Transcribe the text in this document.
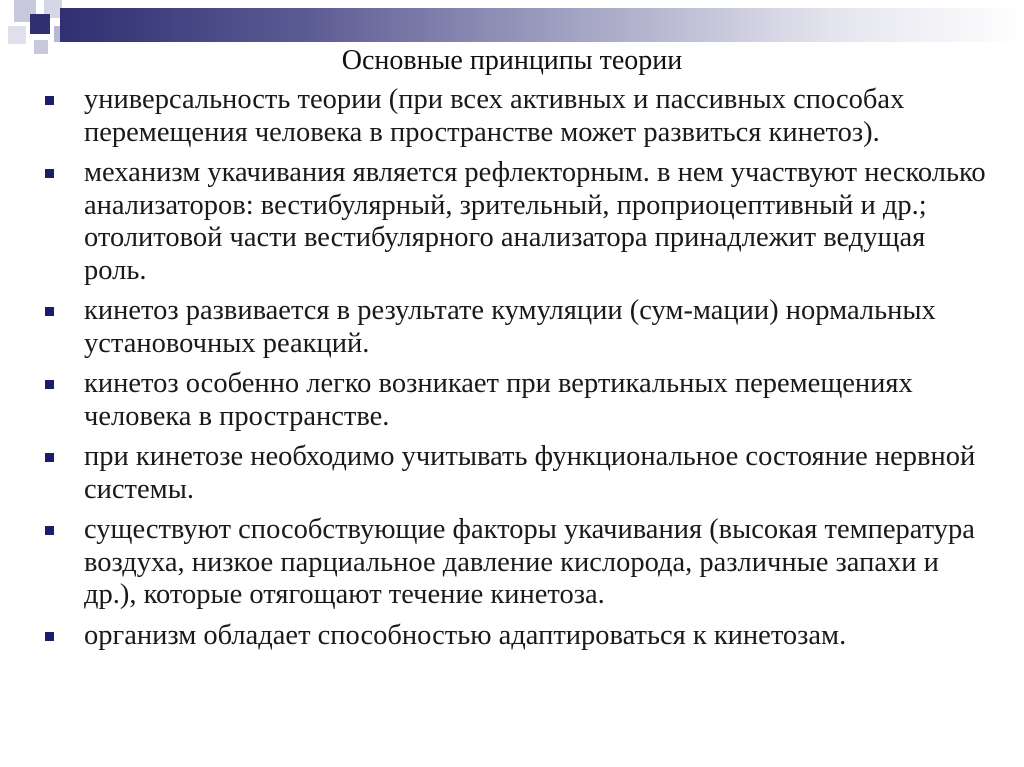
Основные принципы теории
универсальность теории (при всех активных и пассивных способах перемещения человека в пространстве может развиться кинетоз).
механизм укачивания является рефлекторным. в нем участвуют несколько анализаторов: вестибулярный, зрительный, проприоцептивный и др.; отолитовой части вестибулярного анализатора принадлежит ведущая роль.
кинетоз развивается в результате кумуляции (сум-мации) нормальных установочных реакций.
кинетоз особенно легко возникает при вертикальных перемещениях человека в пространстве.
при кинетозе необходимо учитывать функциональное состояние нервной системы.
существуют способствующие факторы укачивания (высокая температура воздуха, низкое парциальное давление кислорода, различные запахи и др.), которые отягощают течение кинетоза.
организм обладает способностью адаптироваться к кинетозам.
